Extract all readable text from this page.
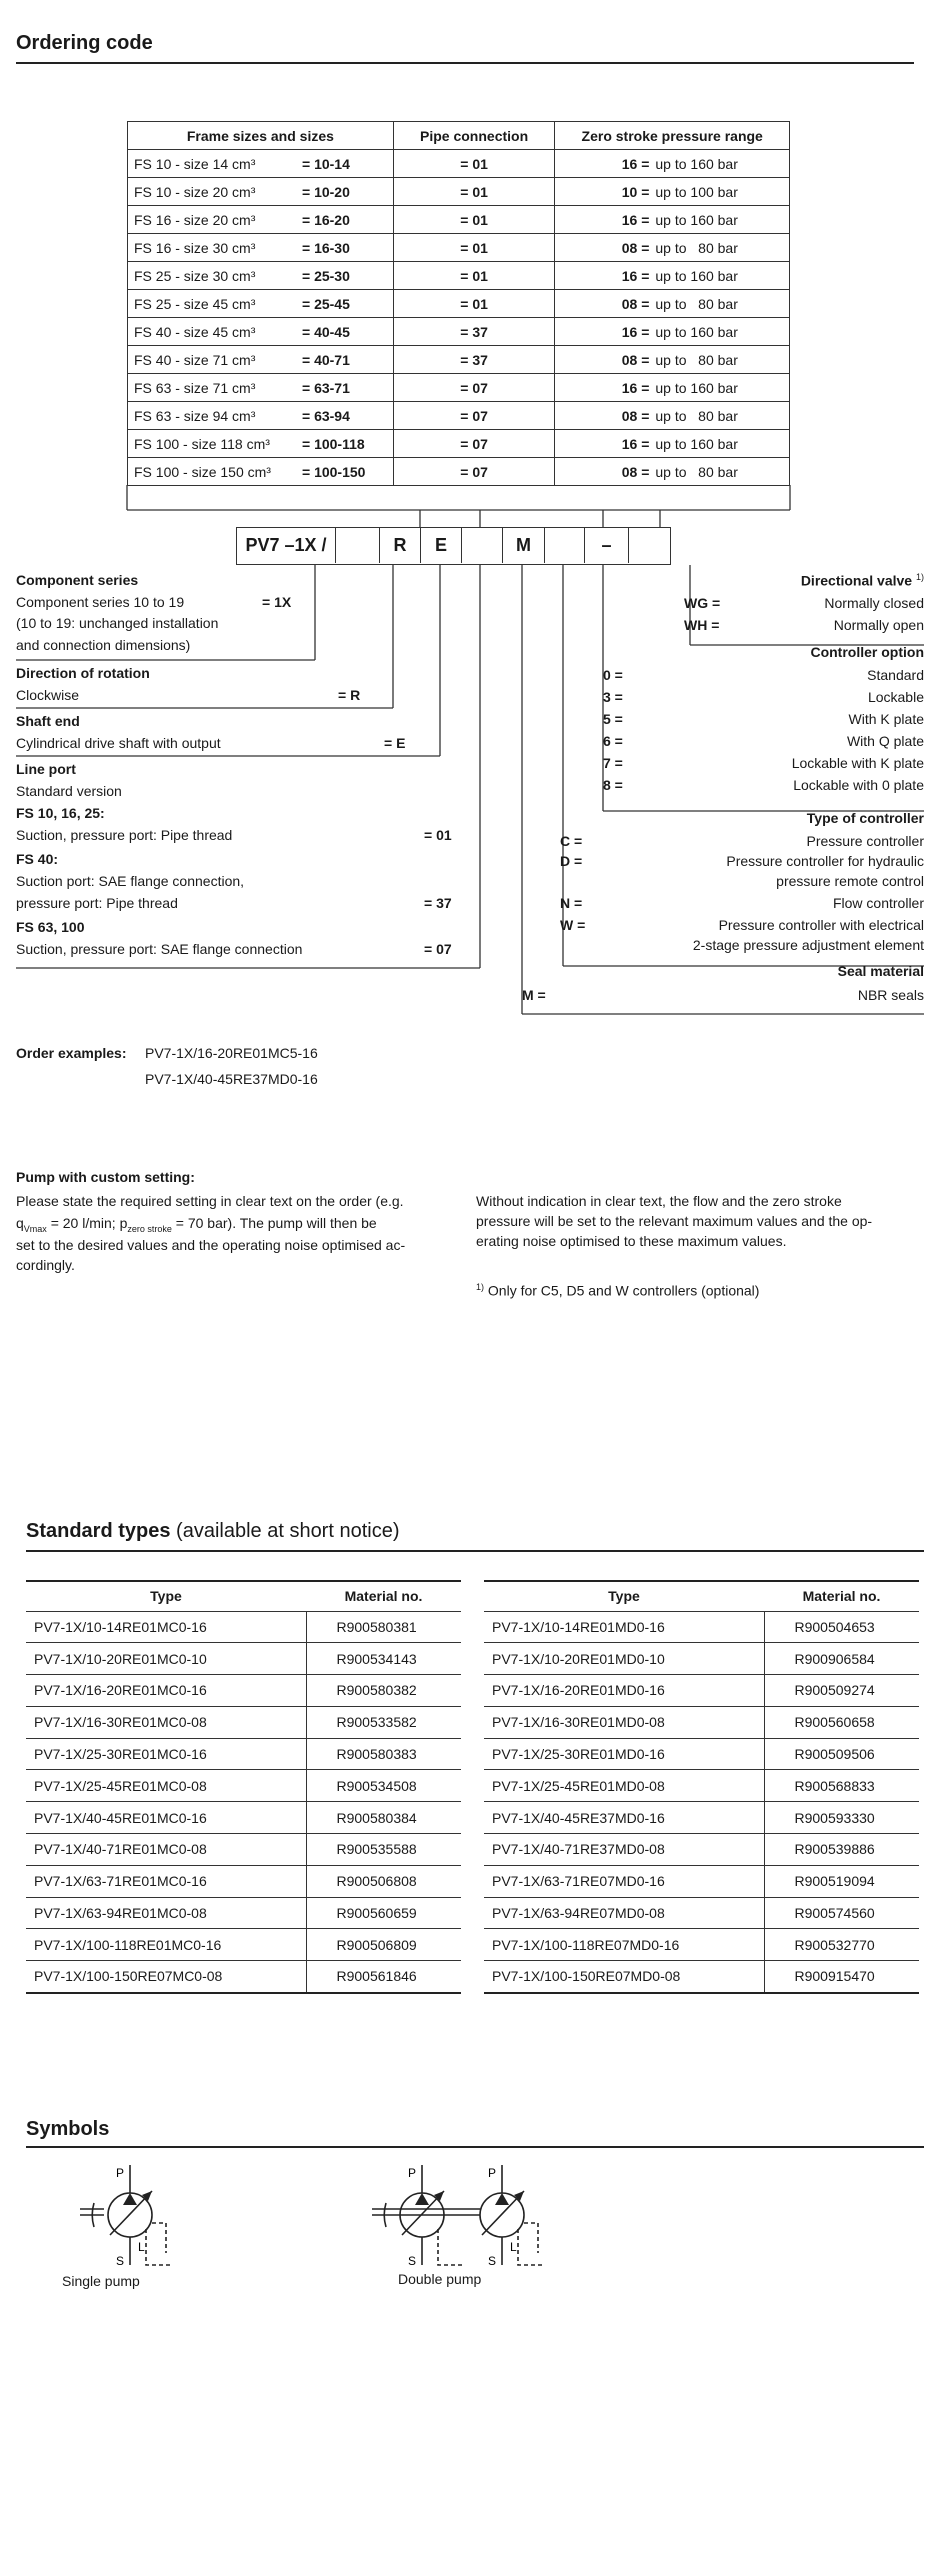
Ordering code
Frame sizes and sizes	Pipe connection	Zero stroke pressure range
FS 10 - size 14 cm³ = 10-14	= 01	16 = up to 160 bar
FS 10 - size 20 cm³ = 10-20	= 01	10 = up to 100 bar
FS 16 - size 20 cm³ = 16-20	= 01	16 = up to 160 bar
FS 16 - size 30 cm³ = 16-30	= 01	08 = up to   80 bar
FS 25 - size 30 cm³ = 25-30	= 01	16 = up to 160 bar
FS 25 - size 45 cm³ = 25-45	= 01	08 = up to   80 bar
FS 40 - size 45 cm³ = 40-45	= 37	16 = up to 160 bar
FS 40 - size 71 cm³ = 40-71	= 37	08 = up to   80 bar
FS 63 - size 71 cm³ = 63-71	= 07	16 = up to 160 bar
FS 63 - size 94 cm³ = 63-94	= 07	08 = up to   80 bar
FS 100 - size 118 cm³ = 100-118	= 07	16 = up to 160 bar
FS 100 - size 150 cm³ = 100-150	= 07	08 = up to   80 bar
PV7 –1X /	R	E	M	–
Component series
Component series 10 to 19	= 1X
(10 to 19: unchanged installation
and connection dimensions)
Direction of rotation
Clockwise	= R
Shaft end
Cylindrical drive shaft with output	= E
Line port
Standard version
FS 10, 16, 25:
Suction, pressure port: Pipe thread	= 01
FS 40:
Suction port: SAE flange connection,
pressure port: Pipe thread	= 37
FS 63, 100
Suction, pressure port: SAE flange connection	= 07
Directional valve $^{1)}$
WG =	Normally closed
WH =	Normally open
Controller option
0 =	Standard
3 =	Lockable
5 =	With K plate
6 =	With Q plate
7 =	Lockable with K plate
8 =	Lockable with 0 plate
Type of controller
C =	Pressure controller
D =	Pressure controller for hydraulic
pressure remote control
N =	Flow controller
W =	Pressure controller with electrical
2-stage pressure adjustment element
Seal material
M =	NBR seals
Order examples: PV7-1X/16-20RE01MC5-16
PV7-1X/40-45RE37MD0-16
Pump with custom setting:
Please state the required setting in clear text on the order (e.g.
$q_{Vmax} = 20$ l/min; $p_{zero stroke} = 70$ bar). The pump will then be
set to the desired values and the operating noise optimised ac-
cordingly.
Without indication in clear text, the flow and the zero stroke
pressure will be set to the relevant maximum values and the op-
erating noise optimised to these maximum values.
$^{1)}$ Only for C5, D5 and W controllers (optional)
Standard types (available at short notice)
Type	Material no.
PV7-1X/10-14RE01MC0-16	R900580381
PV7-1X/10-20RE01MC0-10	R900534143
PV7-1X/16-20RE01MC0-16	R900580382
PV7-1X/16-30RE01MC0-08	R900533582
PV7-1X/25-30RE01MC0-16	R900580383
PV7-1X/25-45RE01MC0-08	R900534508
PV7-1X/40-45RE01MC0-16	R900580384
PV7-1X/40-71RE01MC0-08	R900535588
PV7-1X/63-71RE01MC0-16	R900506808
PV7-1X/63-94RE01MC0-08	R900560659
PV7-1X/100-118RE01MC0-16	R900506809
PV7-1X/100-150RE07MC0-08	R900561846
Type	Material no.
PV7-1X/10-14RE01MD0-16	R900504653
PV7-1X/10-20RE01MD0-10	R900906584
PV7-1X/16-20RE01MD0-16	R900509274
PV7-1X/16-30RE01MD0-08	R900560658
PV7-1X/25-30RE01MD0-16	R900509506
PV7-1X/25-45RE01MD0-08	R900568833
PV7-1X/40-45RE37MD0-16	R900593330
PV7-1X/40-71RE37MD0-08	R900539886
PV7-1X/63-71RE07MD0-16	R900519094
PV7-1X/63-94RE07MD0-08	R900574560
PV7-1X/100-118RE07MD0-16	R900532770
PV7-1X/100-150RE07MD0-08	R900915470
Symbols
P
S
L
Single pump
P	P
S	S
L
Double pump
